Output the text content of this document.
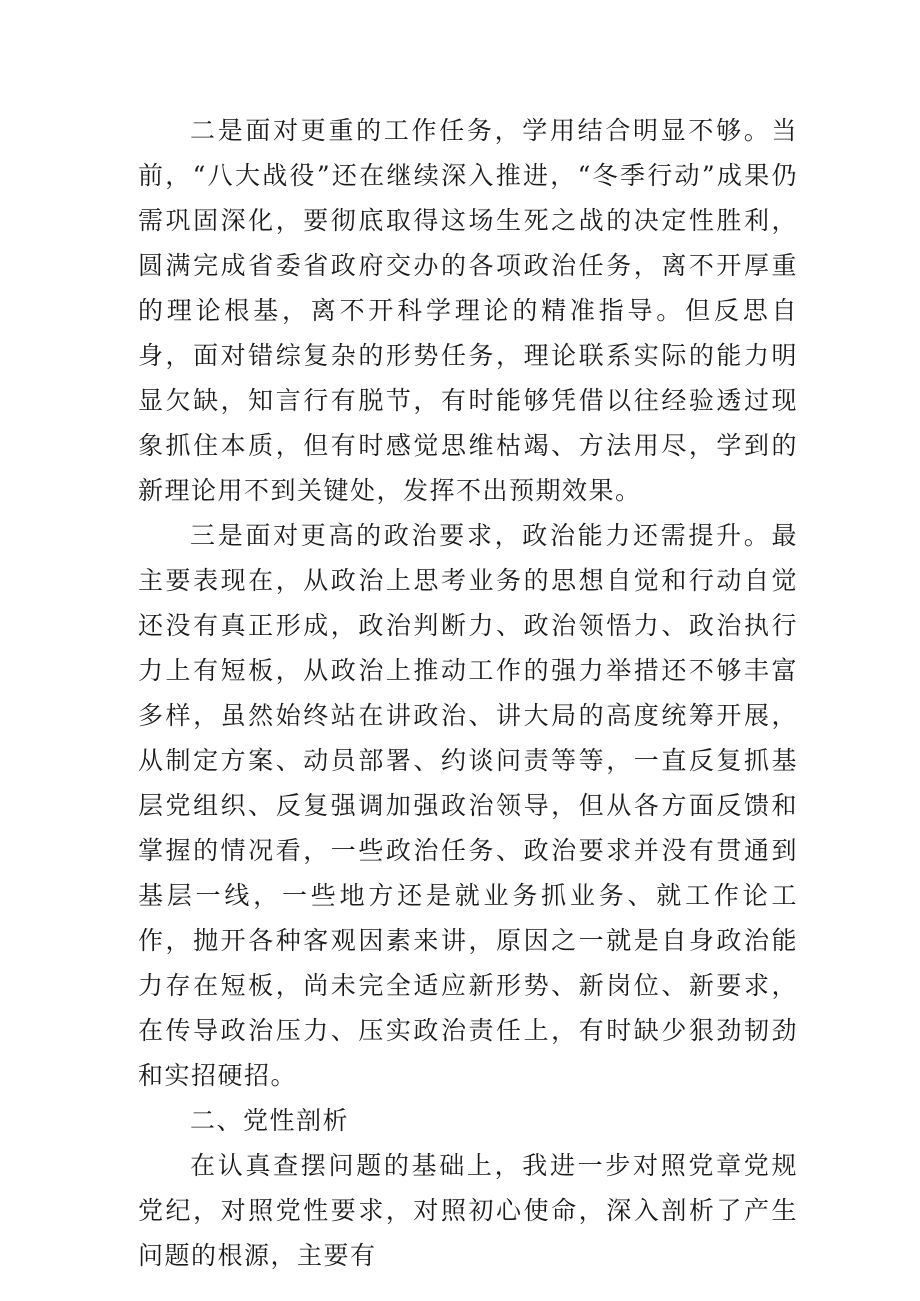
二是面对更重的工作任务，学用结合明显不够。当前，“八大战役”还在继续深入推进，“冬季行动”成果仍需巩固深化，要彻底取得这场生死之战的决定性胜利，圆满完成省委省政府交办的各项政治任务，离不开厚重的理论根基，离不开科学理论的精准指导。但反思自身，面对错综复杂的形势任务，理论联系实际的能力明显欠缺，知言行有脱节，有时能够凭借以往经验透过现象抓住本质，但有时感觉思维枯竭、方法用尽，学到的新理论用不到关键处，发挥不出预期效果。

三是面对更高的政治要求，政治能力还需提升。最主要表现在，从政治上思考业务的思想自觉和行动自觉还没有真正形成，政治判断力、政治领悟力、政治执行力上有短板，从政治上推动工作的强力举措还不够丰富多样，虽然始终站在讲政治、讲大局的高度统筹开展，从制定方案、动员部署、约谈问责等等，一直反复抓基层党组织、反复强调加强政治领导，但从各方面反馈和掌握的情况看，一些政治任务、政治要求并没有贯通到基层一线，一些地方还是就业务抓业务、就工作论工作，抛开各种客观因素来讲，原因之一就是自身政治能力存在短板，尚未完全适应新形势、新岗位、新要求，在传导政治压力、压实政治责任上，有时缺少狠劲韧劲和实招硬招。

二、党性剖析

在认真查摆问题的基础上，我进一步对照党章党规党纪，对照党性要求，对照初心使命，深入剖析了产生问题的根源，主要有
